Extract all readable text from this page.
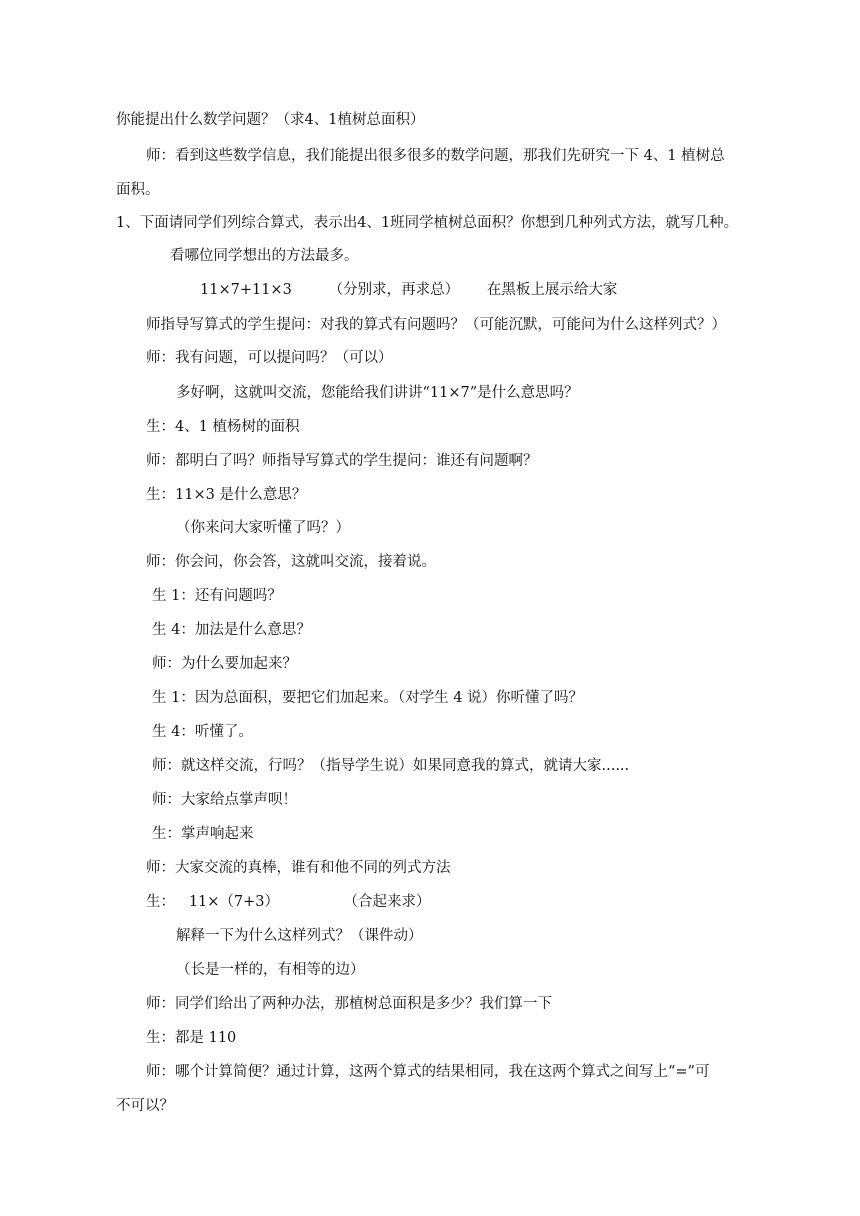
你能提出什么数学问题？（求4、1植树总面积）
师：看到这些数学信息，我们能提出很多很多的数学问题，那我们先研究一下 4、1 植树总
面积。
1、下面请同学们列综合算式，表示出4、1班同学植树总面积？你想到几种列式方法，就写几种。
看哪位同学想出的方法最多。
11×7+11×3        （分别求，再求总）      在黑板上展示给大家
师指导写算式的学生提问：对我的算式有问题吗？（可能沉默，可能问为什么这样列式？）
师：我有问题，可以提问吗？（可以）
多好啊，这就叫交流，您能给我们讲讲“11×7”是什么意思吗？
生：4、1 植杨树的面积
师：都明白了吗？师指导写算式的学生提问：谁还有问题啊？
生：11×3 是什么意思？
（你来问大家听懂了吗？）
师：你会问，你会答，这就叫交流，接着说。
生 1：还有问题吗？
生 4：加法是什么意思？
师：为什么要加起来？
生 1：因为总面积，要把它们加起来。（对学生 4 说）你听懂了吗？
生 4：听懂了。
师：就这样交流，行吗？（指导学生说）如果同意我的算式，就请大家......
师：大家给点掌声呗！
生：掌声响起来
师：大家交流的真棒，谁有和他不同的列式方法
生：   11×（7+3）              （合起来求）
解释一下为什么这样列式？（课件动）
（长是一样的，有相等的边）
师：同学们给出了两种办法，那植树总面积是多少？我们算一下
生：都是 110
师：哪个计算简便？通过计算，这两个算式的结果相同，我在这两个算式之间写上“=”可
不可以？
